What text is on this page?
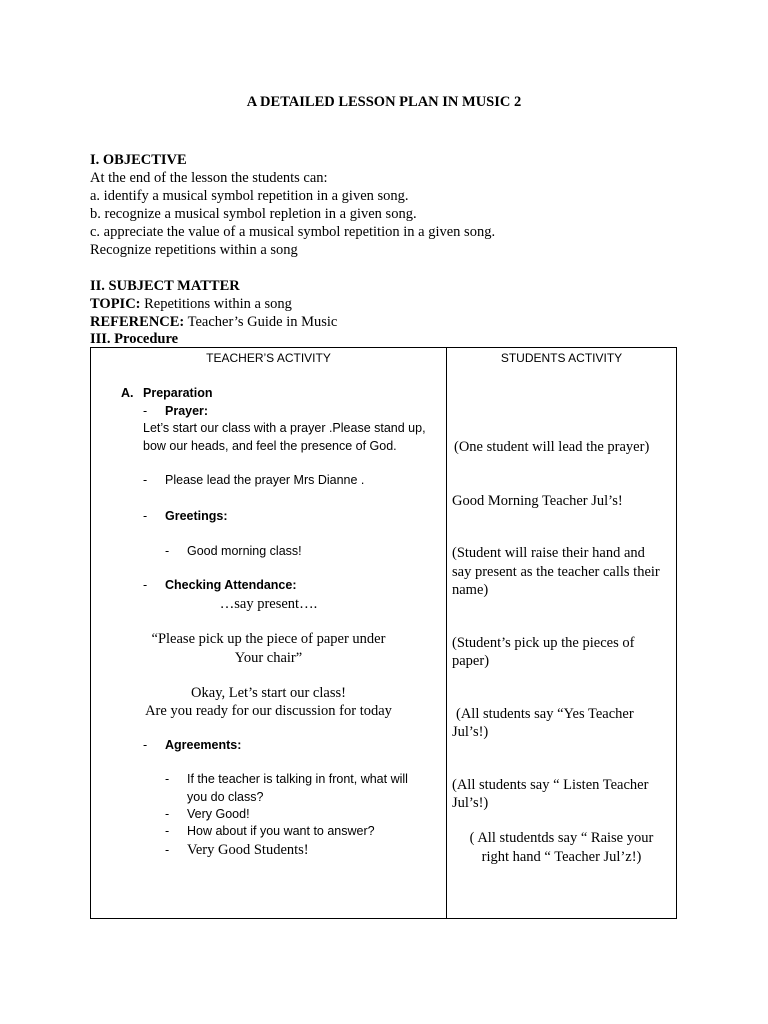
A DETAILED LESSON PLAN IN MUSIC 2
I. OBJECTIVE
At the end of the lesson the students can:
a. identify a musical symbol repetition in a given song.
b. recognize a musical symbol repletion in a given song.
c. appreciate the value of a musical symbol repetition in a given song.
Recognize repetitions within a song
II. SUBJECT MATTER
TOPIC: Repetitions within a song
REFERENCE: Teacher’s Guide in Music
III. Procedure
TEACHER’S ACTIVITY	STUDENTS ACTIVITY
A. Preparation
- Prayer:
Let’s start our class with a prayer .Please stand up,
bow our heads, and feel the presence of God.
- Please lead the prayer Mrs Dianne .
- Greetings:
- Good morning class!
- Checking Attendance:
…say present….
“Please pick up the piece of paper under
Your chair”
Okay, Let’s start our class!
Are you ready for our discussion for today
- Agreements:
- If the teacher is talking in front, what will
you do class?
- Very Good!
- How about if you want to answer?
- Very Good Students!
(One student will lead the prayer)
Good Morning Teacher Jul’s!
(Student will raise their hand and
say present as the teacher calls their
name)
(Student’s pick up the pieces of
paper)
(All students say “Yes Teacher
Jul’s!)
(All students say “ Listen Teacher
Jul’s!)
( All studentds say “ Raise your
right hand “ Teacher Jul’z!)
